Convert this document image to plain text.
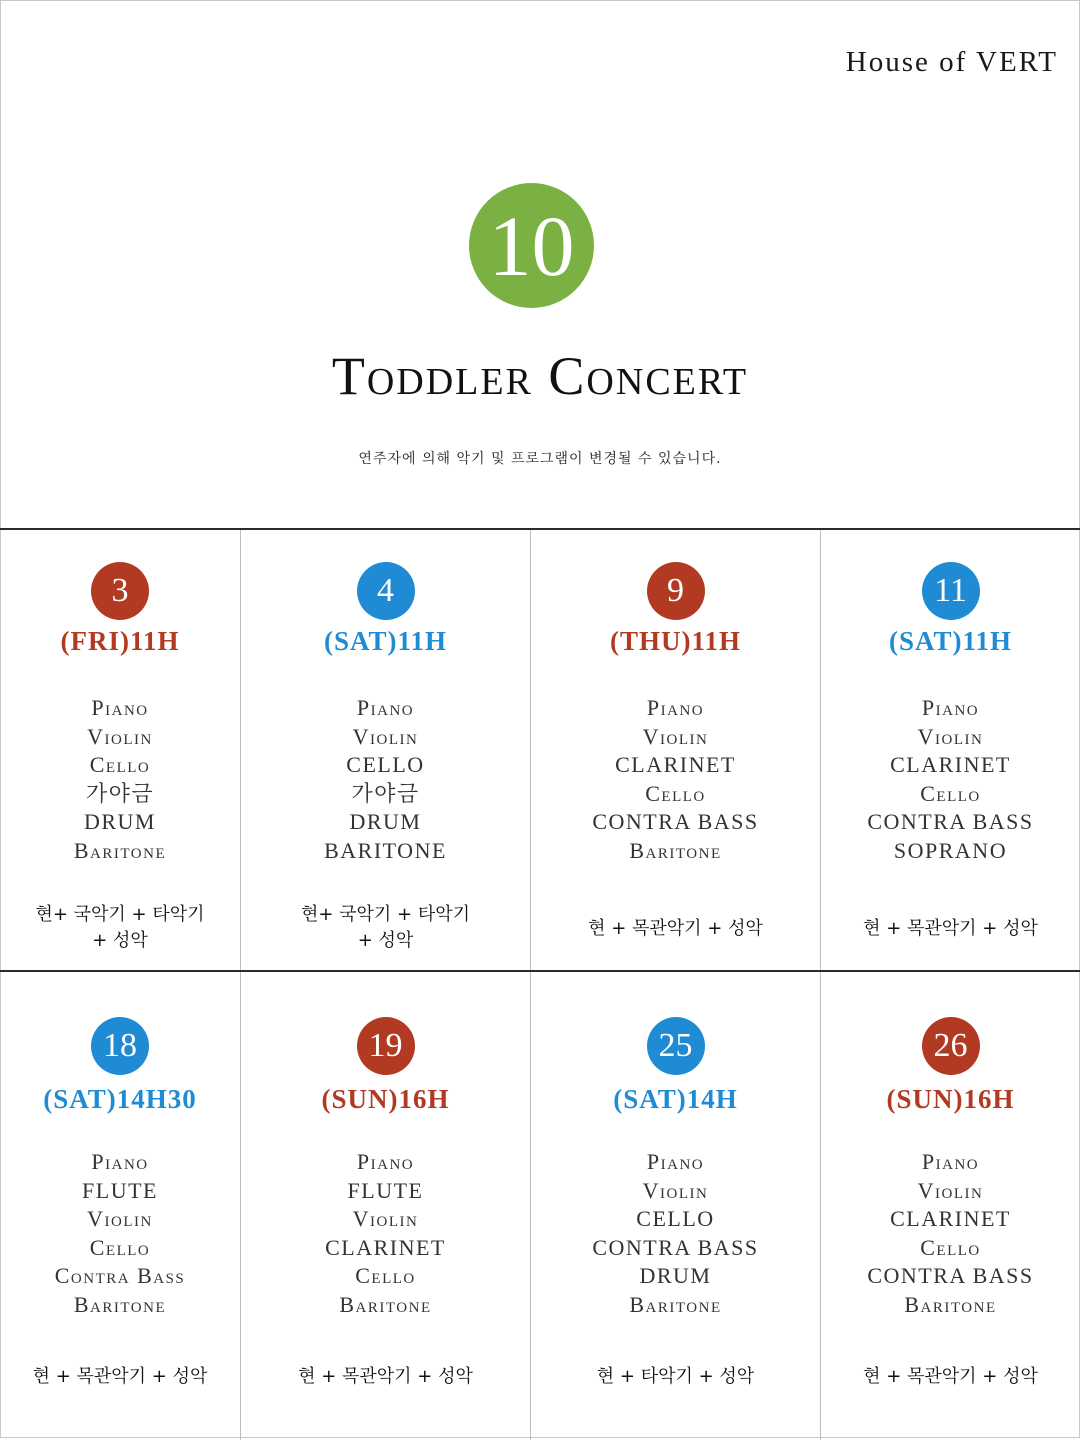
House of VERT
10
Toddler Concert
연주자에 의해 악기 및 프로그램이 변경될 수 있습니다.
3
(FRI)11H
Piano
Violin
Cello
가야금
DRUM
Baritone
현+ 국악기 + 타악기
+ 성악
4
(SAT)11H
Piano
Violin
CELLO
가야금
DRUM
BARITONE
현+ 국악기 + 타악기
+ 성악
9
(THU)11H
Piano
Violin
CLARINET
Cello
CONTRA BASS
Baritone
현 + 목관악기 + 성악
11
(SAT)11H
Piano
Violin
CLARINET
Cello
CONTRA BASS
SOPRANO
현 + 목관악기 + 성악
18
(SAT)14H30
Piano
FLUTE
Violin
Cello
Contra Bass
Baritone
현 + 목관악기 + 성악
19
(SUN)16H
Piano
FLUTE
Violin
CLARINET
Cello
Baritone
현 + 목관악기 + 성악
25
(SAT)14H
Piano
Violin
CELLO
CONTRA BASS
DRUM
Baritone
현 + 타악기 + 성악
26
(SUN)16H
Piano
Violin
CLARINET
Cello
CONTRA BASS
Baritone
현 + 목관악기 + 성악
